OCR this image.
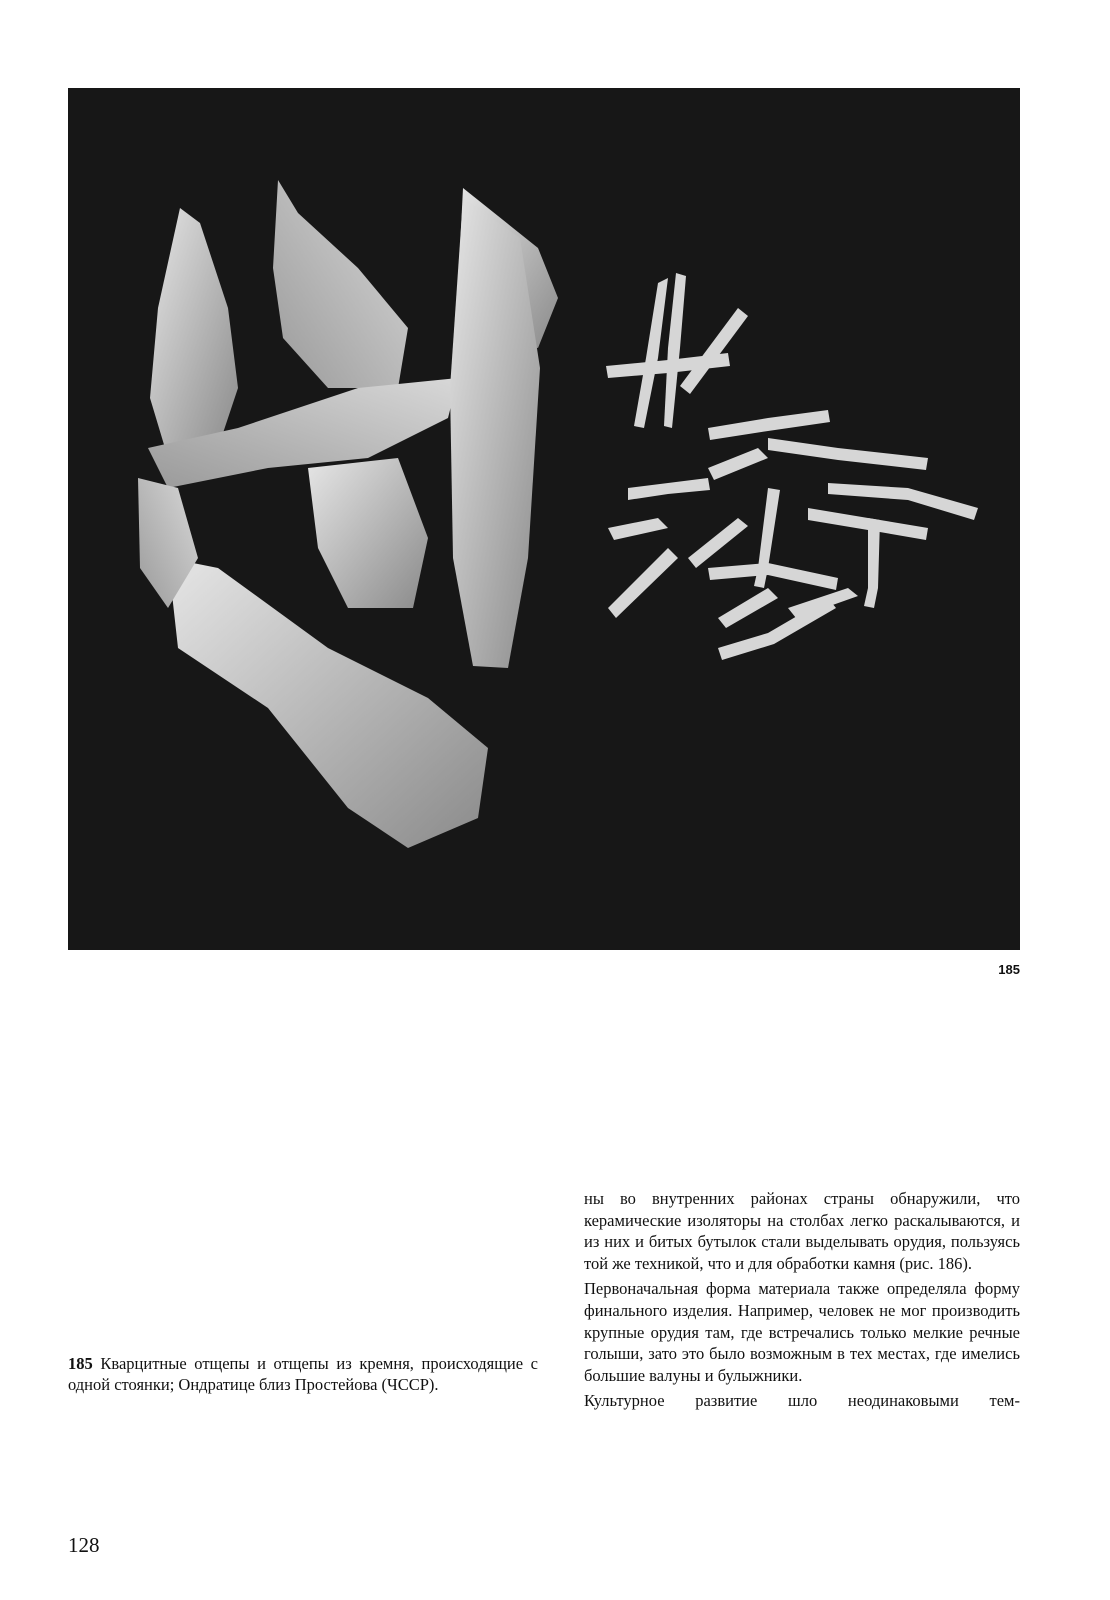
185
185 Кварцитные отщепы и отщепы из кремня, происходящие с одной стоянки; Ондратице близ Простейова (ЧССР).

ны во внутренних районах страны обнаружили, что керамические изоляторы на столбах легко раскалываются, и из них и битых бутылок стали выделывать орудия, пользуясь той же техникой, что и для обработки камня (рис. 186).

Первоначальная форма материала также определяла форму финального изделия. Например, человек не мог производить крупные орудия там, где встречались только мелкие речные голыши, зато это было возможным в тех местах, где имелись большие валуны и булыжники.

Культурное развитие шло неодинаковыми тем-

128
